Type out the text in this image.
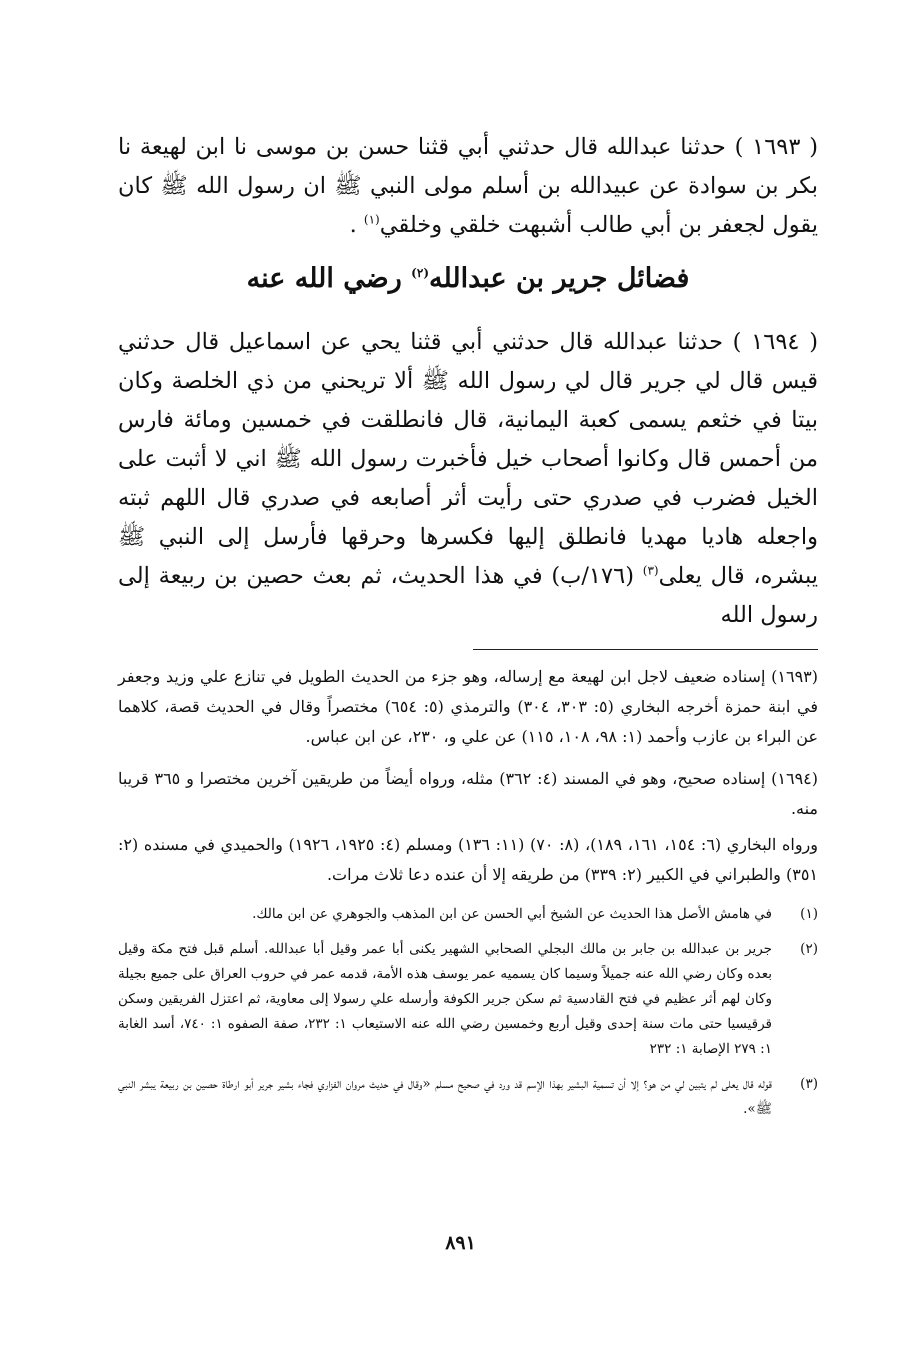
( ١٦٩٣ ) حدثنا عبدالله قال حدثني أبي قثنا حسن بن موسى نا ابن لهيعة نا بكر بن سوادة عن عبيدالله بن أسلم مولى النبي ﷺ ان رسول الله ﷺ كان يقول لجعفر بن أبي طالب أشبهت خلقي وخلقي$^{(١)}$ .

فضائل جرير بن عبدالله$^{(٢)}$ رضي الله عنه

( ١٦٩٤ ) حدثنا عبدالله قال حدثني أبي قثنا يحي عن اسماعيل قال حدثني قيس قال لي جرير قال لي رسول الله ﷺ ألا تريحني من ذي الخلصة وكان بيتا في خثعم يسمى كعبة اليمانية، قال فانطلقت في خمسين ومائة فارس من أحمس قال وكانوا أصحاب خيل فأخبرت رسول الله ﷺ اني لا أثبت على الخيل فضرب في صدري حتى رأيت أثر أصابعه في صدري قال اللهم ثبته واجعله هاديا مهديا فانطلق إليها فكسرها وحرقها فأرسل إلى النبي ﷺ يبشره، قال يعلى$^{(٣)}$ (١٧٦/ب) في هذا الحديث، ثم بعث حصين بن ربيعة إلى رسول الله

(١٦٩٣) إسناده ضعيف لاجل ابن لهيعة مع إرساله، وهو جزء من الحديث الطويل في تنازع علي وزيد وجعفر في ابنة حمزة أخرجه البخاري (٥: ٣٠٣، ٣٠٤) والترمذي (٥: ٦٥٤) مختصراً وقال في الحديث قصة، كلاهما عن البراء بن عازب وأحمد (١: ٩٨، ١٠٨، ١١٥) عن علي و، ٢٣٠، عن ابن عباس.

(١٦٩٤) إسناده صحيح، وهو في المسند (٤: ٣٦٢) مثله، ورواه أيضاً من طريقين آخرين مختصرا و ٣٦٥ قريبا منه.

ورواه البخاري (٦: ١٥٤، ١٦١، ١٨٩)، (٨: ٧٠) (١١: ١٣٦) ومسلم (٤: ١٩٢٥، ١٩٢٦) والحميدي في مسنده (٢: ٣٥١) والطبراني في الكبير (٢: ٣٣٩) من طريقه إلا أن عنده دعا ثلاث مرات.

(١)
في هامش الأصل هذا الحديث عن الشيخ أبي الحسن عن ابن المذهب والجوهري عن ابن مالك.
(٢)
جرير بن عبدالله بن جابر بن مالك البجلي الصحابي الشهير يكنى أبا عمر وقيل أبا عبدالله. أسلم قبل فتح مكة وقيل بعده وكان رضي الله عنه جميلاً وسيما كان يسميه عمر يوسف هذه الأمة، قدمه عمر في حروب العراق على جميع بجيلة وكان لهم أثر عظيم في فتح القادسية ثم سكن جرير الكوفة وأرسله علي رسولا إلى معاوية، ثم اعتزل الفريقين وسكن قرقيسيا حتى مات سنة إحدى وقيل أربع وخمسين رضي الله عنه الاستيعاب ١: ٢٣٢، صفة الصفوه ١: ٧٤٠، أسد الغابة ١: ٢٧٩ الإصابة ١: ٢٣٢
(٣)
قوله قال يعلى لم يتبين لي من هو؟ إلا أن تسمية البشير بهذا الإسم قد ورد في صحيح مسلم «وقال في حديث مروان الفزاري فجاء بشير جرير أبو ارطاة حصين بن ربيعة يبشر النبي ﷺ».
٨٩١
